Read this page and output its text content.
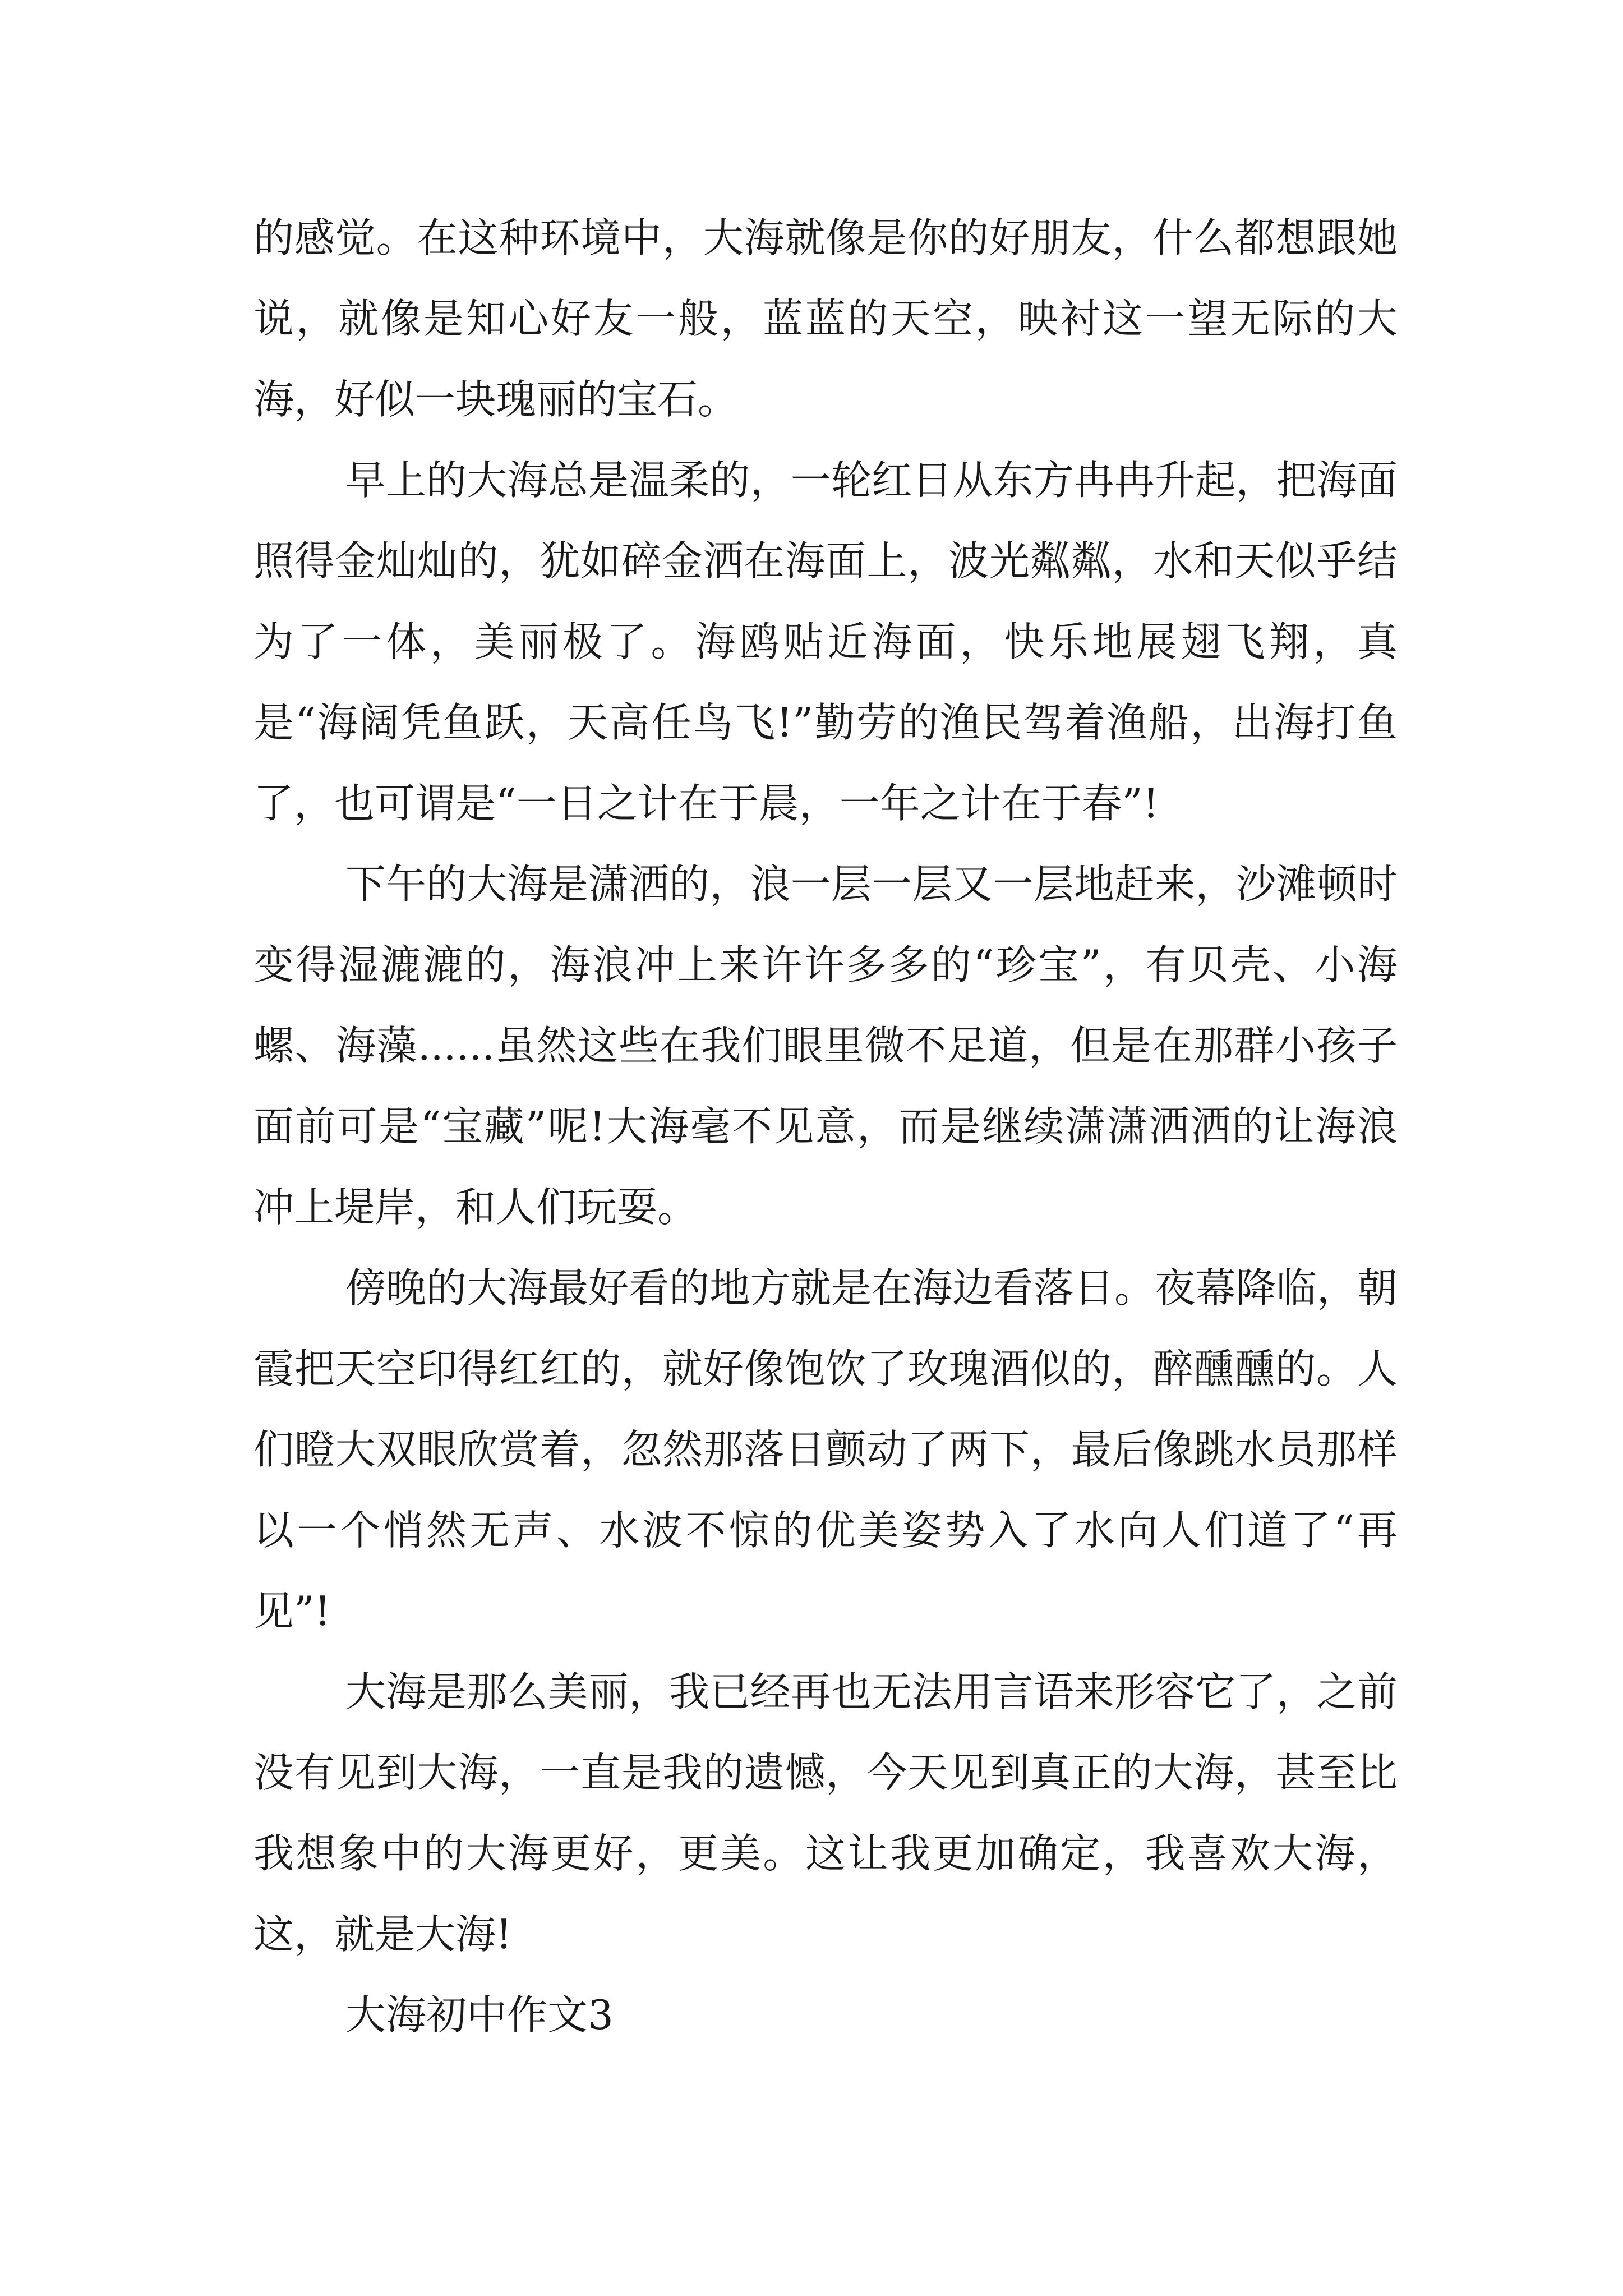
的感觉。在这种环境中，大海就像是你的好朋友，什么都想跟她说，就像是知心好友一般，蓝蓝的天空，映衬这一望无际的大海，好似一块瑰丽的宝石。

早上的大海总是温柔的，一轮红日从东方冉冉升起，把海面照得金灿灿的，犹如碎金洒在海面上，波光粼粼，水和天似乎结为了一体，美丽极了。海鸥贴近海面，快乐地展翅飞翔，真是“海阔凭鱼跃，天高任鸟飞!”勤劳的渔民驾着渔船，出海打鱼了，也可谓是“一日之计在于晨，一年之计在于春”!

下午的大海是潇洒的，浪一层一层又一层地赶来，沙滩顿时变得湿漉漉的，海浪冲上来许许多多的“珍宝”，有贝壳、小海螺、海藻......虽然这些在我们眼里微不足道，但是在那群小孩子面前可是“宝藏”呢!大海毫不见意，而是继续潇潇洒洒的让海浪冲上堤岸，和人们玩耍。

傍晚的大海最好看的地方就是在海边看落日。夜幕降临，朝霞把天空印得红红的，就好像饱饮了玫瑰酒似的，醉醺醺的。人们瞪大双眼欣赏着，忽然那落日颤动了两下，最后像跳水员那样以一个悄然无声、水波不惊的优美姿势入了水向人们道了“再见”!

大海是那么美丽，我已经再也无法用言语来形容它了，之前没有见到大海，一直是我的遗憾，今天见到真正的大海，甚至比我想象中的大海更好，更美。这让我更加确定，我喜欢大海，这，就是大海!

大海初中作文3
